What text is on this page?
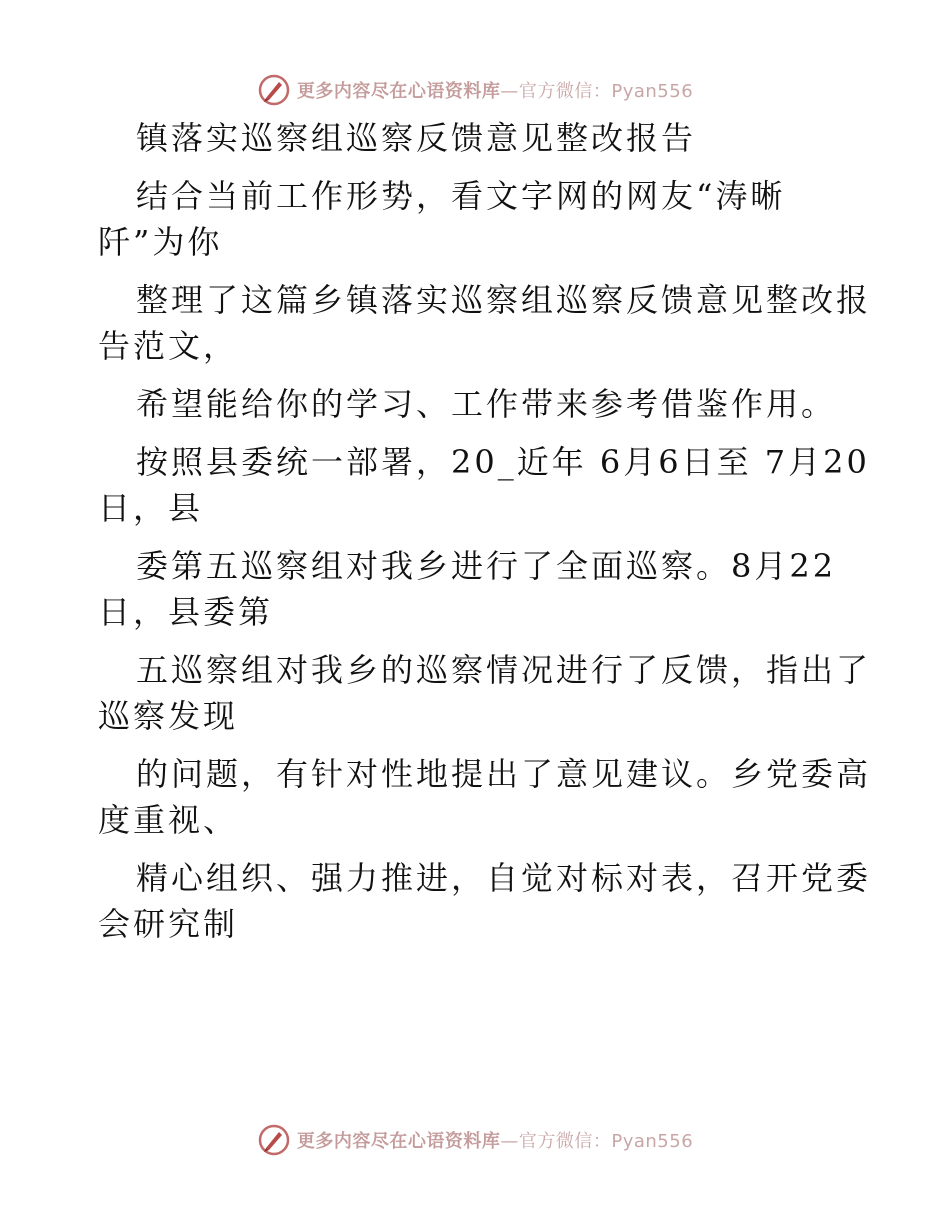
更多内容尽在心语资料库—官方微信：Pyan556

镇落实巡察组巡察反馈意见整改报告

结合当前工作形势，看文字网的网友“涛晰

阡”为你

整理了这篇乡镇落实巡察组巡察反馈意见整改报

告范文，

希望能给你的学习、工作带来参考借鉴作用。

按照县委统一部署，20_近年 6月6日至 7月20

日，县

委第五巡察组对我乡进行了全面巡察。8月22

日，县委第

五巡察组对我乡的巡察情况进行了反馈，指出了

巡察发现

的问题，有针对性地提出了意见建议。乡党委高

度重视、

精心组织、强力推进，自觉对标对表，召开党委

会研究制

更多内容尽在心语资料库—官方微信：Pyan556
